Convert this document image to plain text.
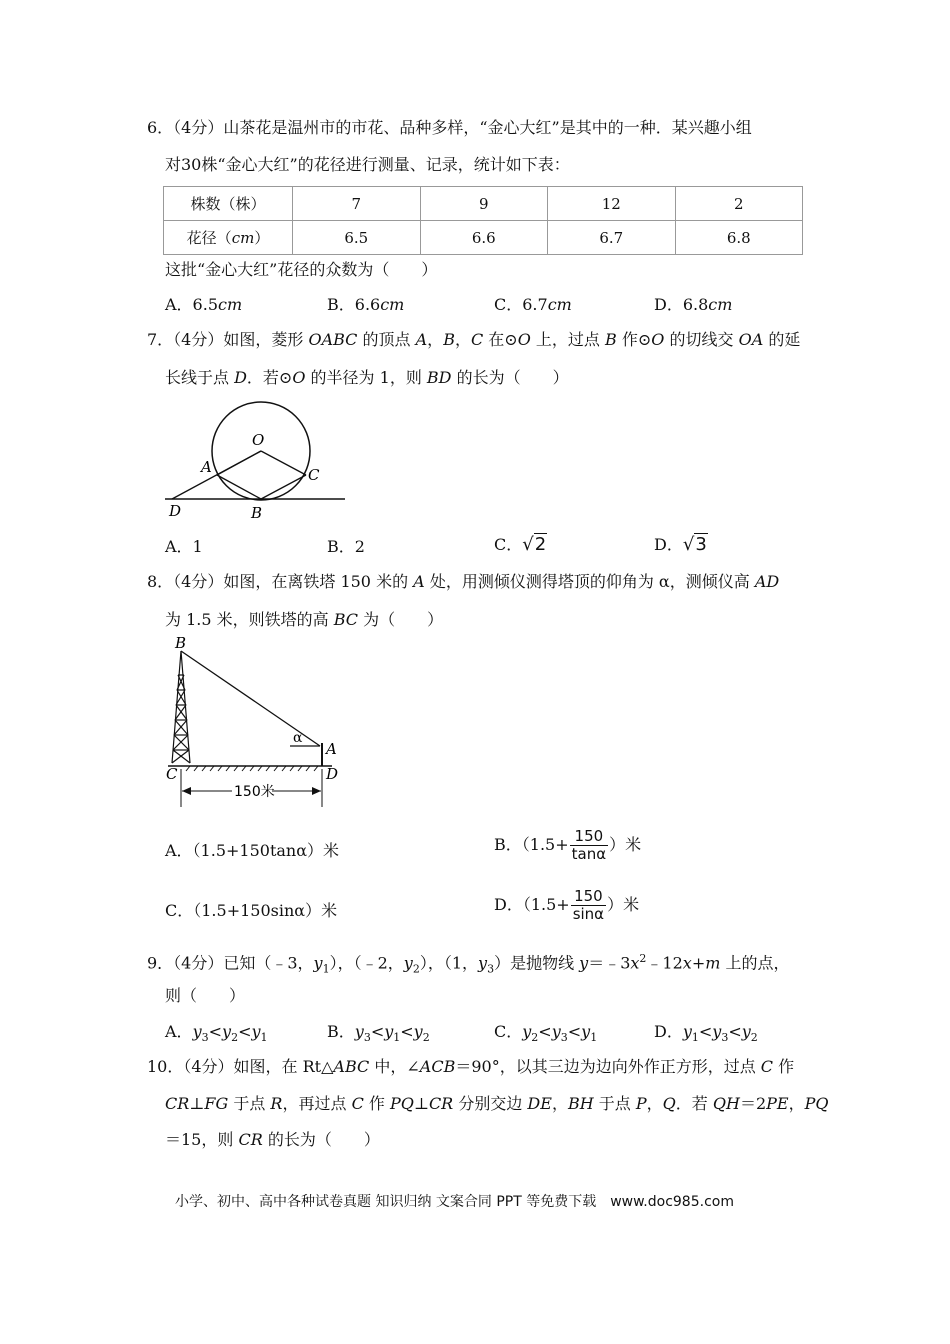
6．（4分）山茶花是温州市的市花、品种多样，“金心大红”是其中的一种．某兴趣小组
对30株“金心大红”的花径进行测量、记录，统计如下表：
株数（株）	7	9	12	2
花径（cm）	6.5	6.6	6.7	6.8
这批“金心大红”花径的众数为（　　）
A．6.5cm	B．6.6cm	C．6.7cm	D．6.8cm
7．（4分）如图，菱形 OABC 的顶点 A，B，C 在⊙O 上，过点 B 作⊙O 的切线交 OA 的延
长线于点 D．若⊙O 的半径为 1，则 BD 的长为（　　）
O
A	C
D	B
A．1	B．2	C．√2	D．√3
8．（4分）如图，在离铁塔 150 米的 A 处，用测倾仪测得塔顶的仰角为 α，测倾仪高 AD
为 1.5 米，则铁塔的高 BC 为（　　）
150米
B
α
A
C	D
A．（1.5+150tanα）米	B．（$1.5+ \frac{150}{\tan\alpha}$ ）米
C．（1.5+150sinα）米	D．（$1.5+ \frac{150}{\sin\alpha}$ ）米
9．（4分）已知（﹣3，$y_1$），（﹣2，$y_2$），（1，$y_3$）是抛物线 $y=﹣3x^2﹣12x+m$ 上的点，
则（　　）
A．$y_3<y_2<y_1$	B．$y_3<y_1<y_2$	C．$y_2<y_3<y_1$	D．$y_1<y_3<y_2$
10．（4分）如图，在 Rt△ABC 中，∠ACB＝90°，以其三边为边向外作正方形，过点 C 作
CR⊥FG 于点 R，再过点 C 作 PQ⊥CR 分别交边 DE，BH 于点 P，Q．若 QH＝2PE，PQ
＝15，则 CR 的长为（　　）
小学、初中、高中各种试卷真题 知识归纳 文案合同 PPT 等免费下载　www.doc985.com
